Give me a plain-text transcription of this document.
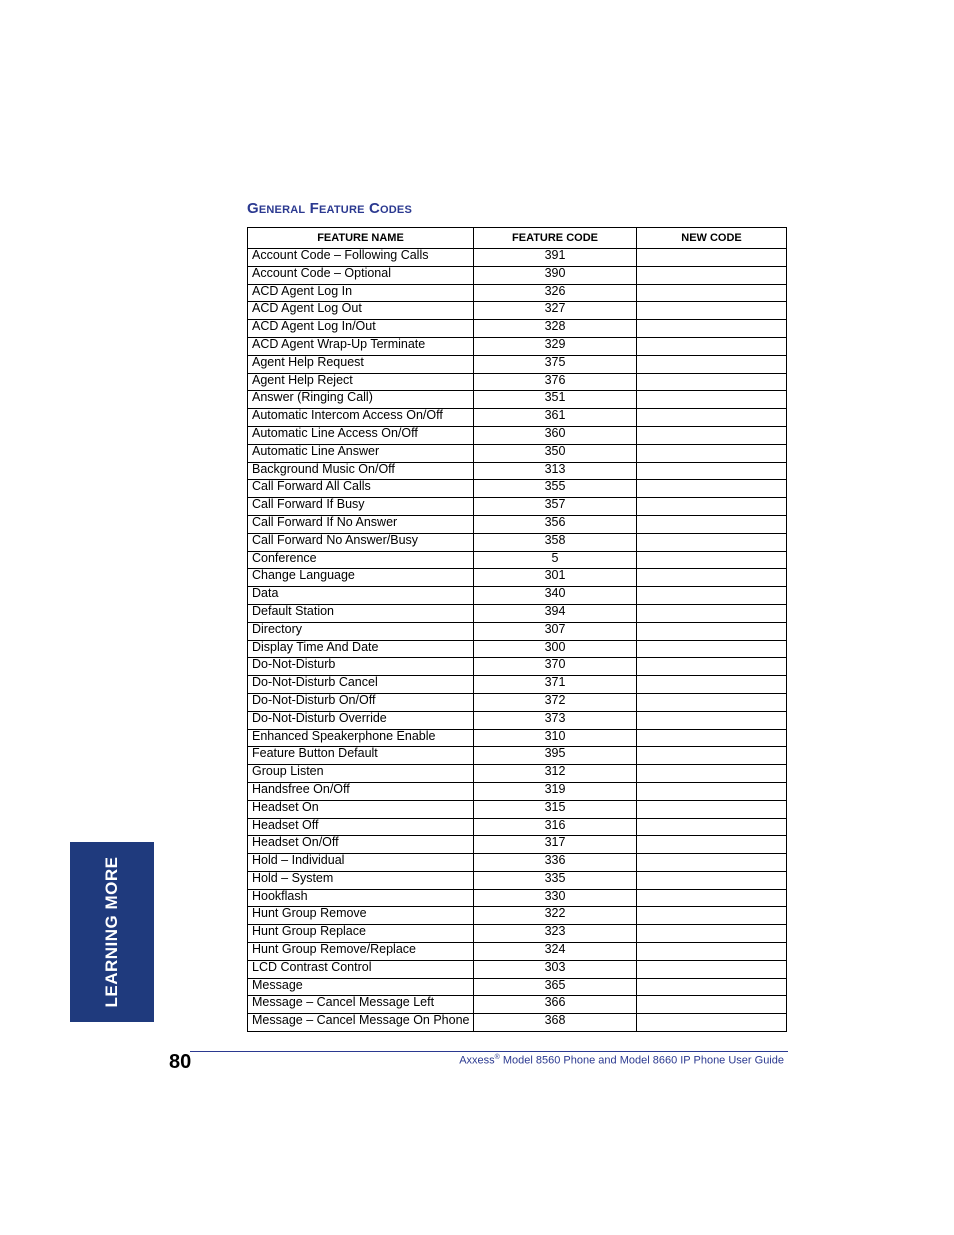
General Feature Codes
FEATURE NAME	FEATURE CODE	NEW CODE
Account Code – Following Calls	391	
Account Code – Optional	390	
ACD Agent Log In	326	
ACD Agent Log Out	327	
ACD Agent Log In/Out	328	
ACD Agent Wrap-Up Terminate	329	
Agent Help Request	375	
Agent Help Reject	376	
Answer (Ringing Call)	351	
Automatic Intercom Access On/Off	361	
Automatic Line Access On/Off	360	
Automatic Line Answer	350	
Background Music On/Off	313	
Call Forward All Calls	355	
Call Forward If Busy	357	
Call Forward If No Answer	356	
Call Forward No Answer/Busy	358	
Conference	5	
Change Language	301	
Data	340	
Default Station	394	
Directory	307	
Display Time And Date	300	
Do-Not-Disturb	370	
Do-Not-Disturb Cancel	371	
Do-Not-Disturb On/Off	372	
Do-Not-Disturb Override	373	
Enhanced Speakerphone Enable	310	
Feature Button Default	395	
Group Listen	312	
Handsfree On/Off	319	
Headset On	315	
Headset Off	316	
Headset On/Off	317	
Hold – Individual	336	
Hold – System	335	
Hookflash	330	
Hunt Group Remove	322	
Hunt Group Replace	323	
Hunt Group Remove/Replace	324	
LCD Contrast Control	303	
Message	365	
Message – Cancel Message Left	366	
Message – Cancel Message On Phone	368	
LEARNING MORE
80	Axxess® Model 8560 Phone and Model 8660 IP Phone User Guide
